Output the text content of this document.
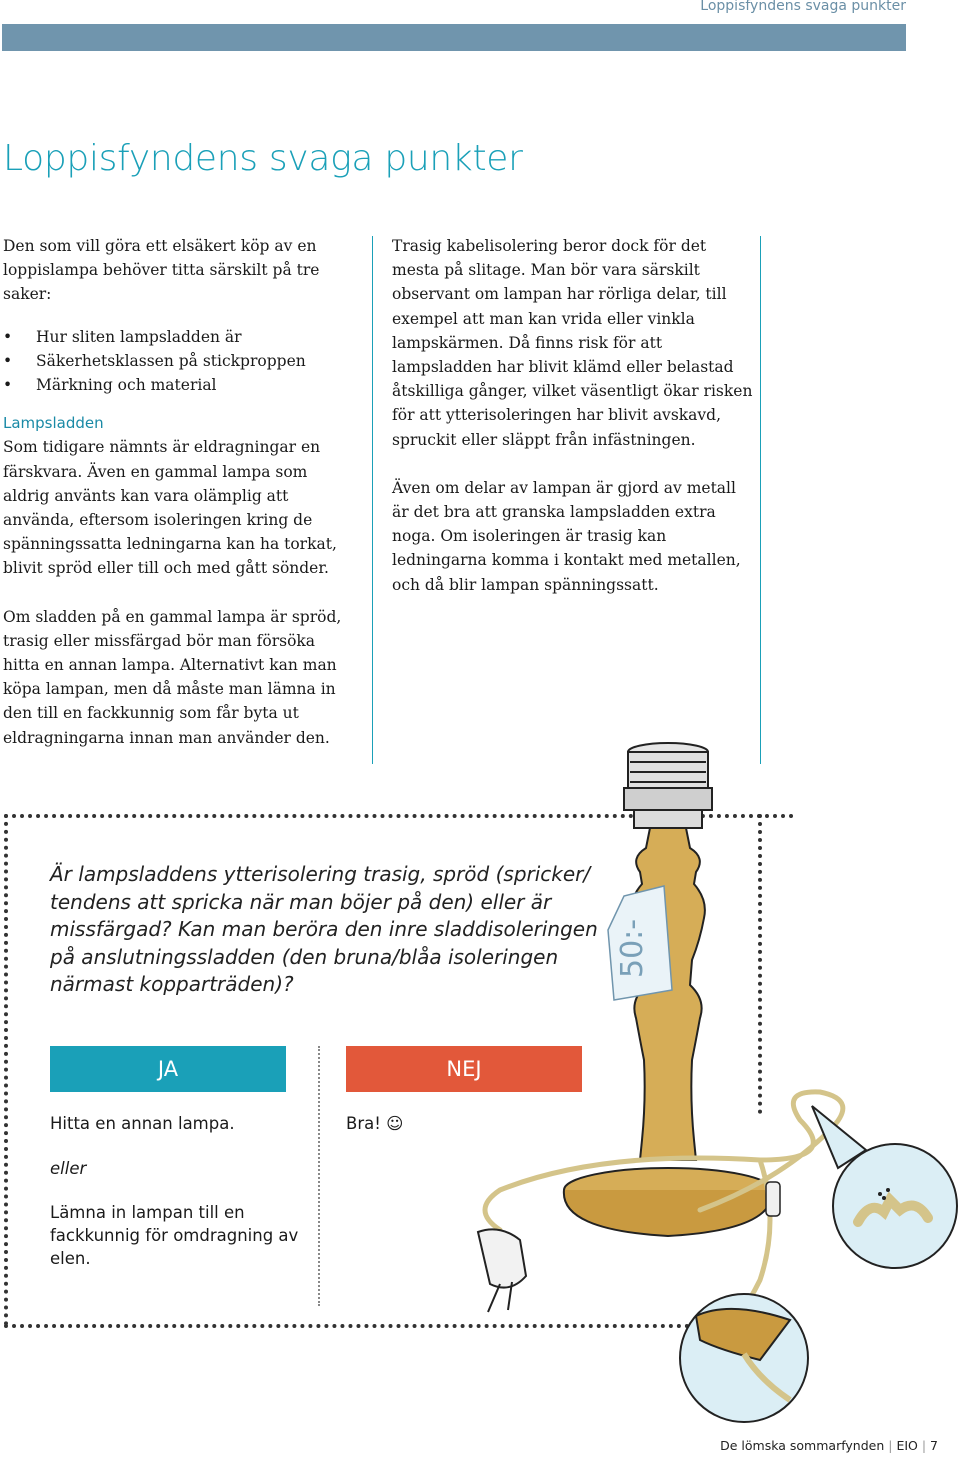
Loppisfyndens svaga punkter
Loppisfyndens svaga punkter

Den som vill göra ett elsäkert köp av en loppislampa behöver titta särskilt på tre saker:

• Hur sliten lampsladden är
• Säkerhetsklassen på stickproppen
• Märkning och material

Lampsladden

Som tidigare nämnts är eldragningar en färskvara. Även en gammal lampa som aldrig använts kan vara olämplig att använda, eftersom isoleringen kring de spänningssatta ledningarna kan ha torkat, blivit spröd eller till och med gått sönder.

Om sladden på en gammal lampa är spröd, trasig eller missfärgad bör man försöka hitta en annan lampa. Alternativt kan man köpa lampan, men då måste man lämna in den till en fackkunnig som får byta ut eldragningarna innan man använder den.

Trasig kabelisolering beror dock för det mesta på slitage. Man bör vara särskilt observant om lampan har rörliga delar, till exempel att man kan vrida eller vinkla lampskärmen. Då finns risk för att lampsladden har blivit klämd eller belastad åtskilliga gånger, vilket väsentligt ökar risken för att ytterisoleringen har blivit avskavd, spruckit eller släppt från infästningen.

Även om delar av lampan är gjord av metall är det bra att granska lampsladden extra noga. Om isoleringen är trasig kan ledningarna komma i kontakt med metallen, och då blir lampan spänningssatt.

Är lampsladdens ytterisolering trasig, spröd (spricker/ tendens att spricka när man böjer på den) eller är missfärgad? Kan man beröra den inre sladdisoleringen på anslutningssladden (den bruna/blåa isoleringen närmast kopparträden)?
JA	NEJ
Hitta en annan lampa.
eller
Lämna in lampan till en fackkunnig för omdragning av elen.
Bra! ☺
50:-
De lömska sommarfynden | EIO | 7
